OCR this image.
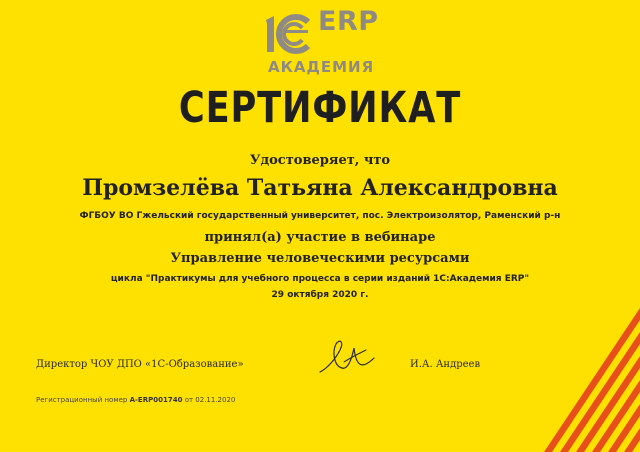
ERP
АКАДЕМИЯ
СЕРТИФИКАТ
Удостоверяет, что
Промзелёва Татьяна Александровна
ФГБОУ ВО Гжельский государственный университет, пос. Электроизолятор, Раменский р-н
принял(а) участие в вебинаре
Управление человеческими ресурсами
цикла "Практикумы для учебного процесса в серии изданий 1С:Академия ERP"
29 октября 2020 г.
Директор ЧОУ ДПО «1С-Образование»	И.А. Андреев
Регистрационный номер A-ERP001740 от 02.11.2020
